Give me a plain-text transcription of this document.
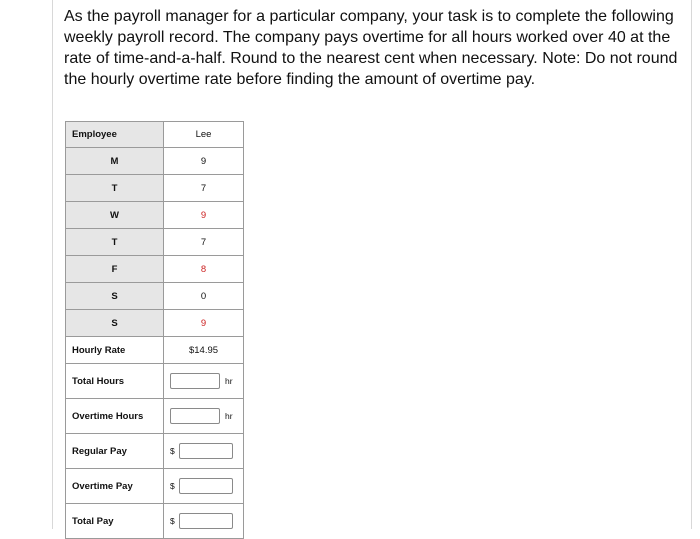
As the payroll manager for a particular company, your task is to complete the following weekly payroll record. The company pays overtime for all hours worked over 40 at the rate of time-and-a-half. Round to the nearest cent when necessary. Note: Do not round the hourly overtime rate before finding the amount of overtime pay.
Employee	Lee
M	9
T	7
W	9
T	7
F	8
S	0
S	9
Hourly Rate	$14.95
Total Hours	hr
Overtime Hours	hr
Regular Pay	$
Overtime Pay	$
Total Pay	$
